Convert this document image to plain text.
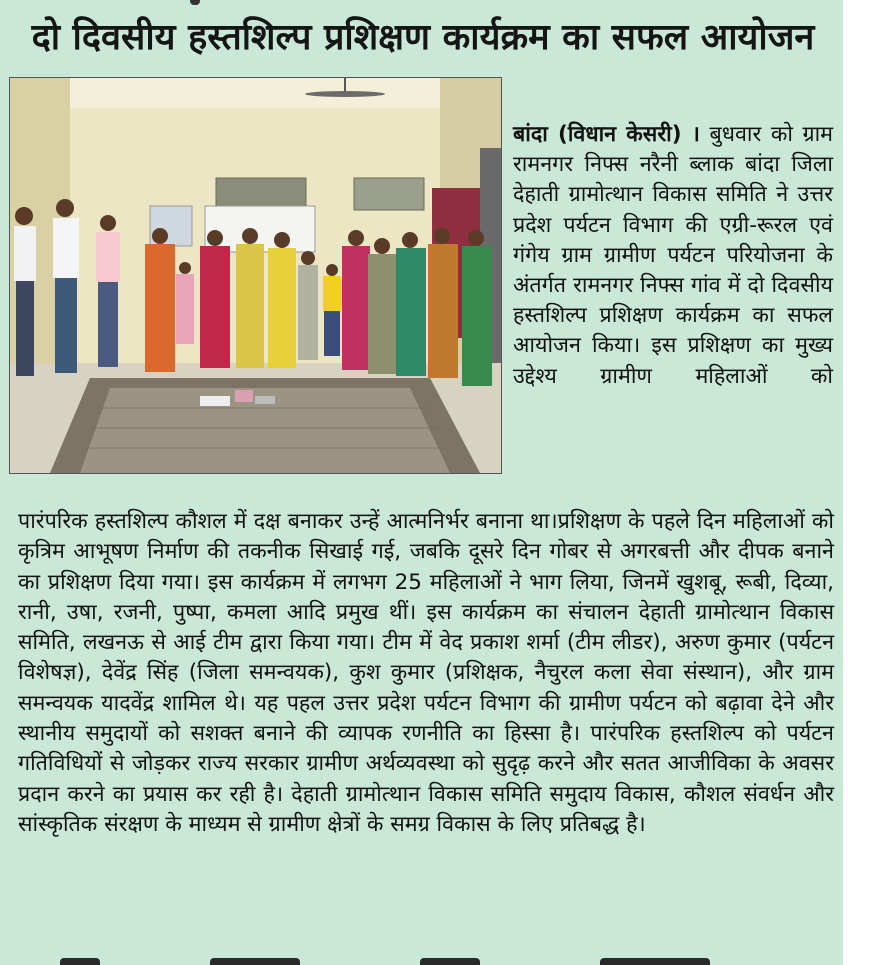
दो दिवसीय हस्तशिल्प प्रशिक्षण कार्यक्रम का सफल आयोजन

बांदा (विधान केसरी) । बुधवार को ग्राम रामनगर निफ्स नरैनी ब्लाक बांदा जिला देहाती ग्रामोत्थान विकास समिति ने उत्तर प्रदेश पर्यटन विभाग की एग्री-रूरल एवं गंगेय ग्राम ग्रामीण पर्यटन परियोजना के अंतर्गत रामनगर निफ्स गांव में दो दिवसीय हस्तशिल्प प्रशिक्षण कार्यक्रम का सफल आयोजन किया। इस प्रशिक्षण का मुख्य उद्देश्य ग्रामीण महिलाओं को

पारंपरिक हस्तशिल्प कौशल में दक्ष बनाकर उन्हें आत्मनिर्भर बनाना था।प्रशिक्षण के पहले दिन महिलाओं को कृत्रिम आभूषण निर्माण की तकनीक सिखाई गई, जबकि दूसरे दिन गोबर से अगरबत्ती और दीपक बनाने का प्रशिक्षण दिया गया। इस कार्यक्रम में लगभग 25 महिलाओं ने भाग लिया, जिनमें खुशबू, रूबी, दिव्या, रानी, उषा, रजनी, पुष्पा, कमला आदि प्रमुख थीं। इस कार्यक्रम का संचालन देहाती ग्रामोत्थान विकास समिति, लखनऊ से आई टीम द्वारा किया गया। टीम में वेद प्रकाश शर्मा (टीम लीडर), अरुण कुमार (पर्यटन विशेषज्ञ), देवेंद्र सिंह (जिला समन्वयक), कुश कुमार (प्रशिक्षक, नैचुरल कला सेवा संस्थान), और ग्राम समन्वयक यादवेंद्र शामिल थे। यह पहल उत्तर प्रदेश पर्यटन विभाग की ग्रामीण पर्यटन को बढ़ावा देने और स्थानीय समुदायों को सशक्त बनाने की व्यापक रणनीति का हिस्सा है। पारंपरिक हस्तशिल्प को पर्यटन गतिविधियों से जोड़कर राज्य सरकार ग्रामीण अर्थव्यवस्था को सुदृढ़ करने और सतत आजीविका के अवसर प्रदान करने का प्रयास कर रही है। देहाती ग्रामोत्थान विकास समिति समुदाय विकास, कौशल संवर्धन और सांस्कृतिक संरक्षण के माध्यम से ग्रामीण क्षेत्रों के समग्र विकास के लिए प्रतिबद्ध है।
